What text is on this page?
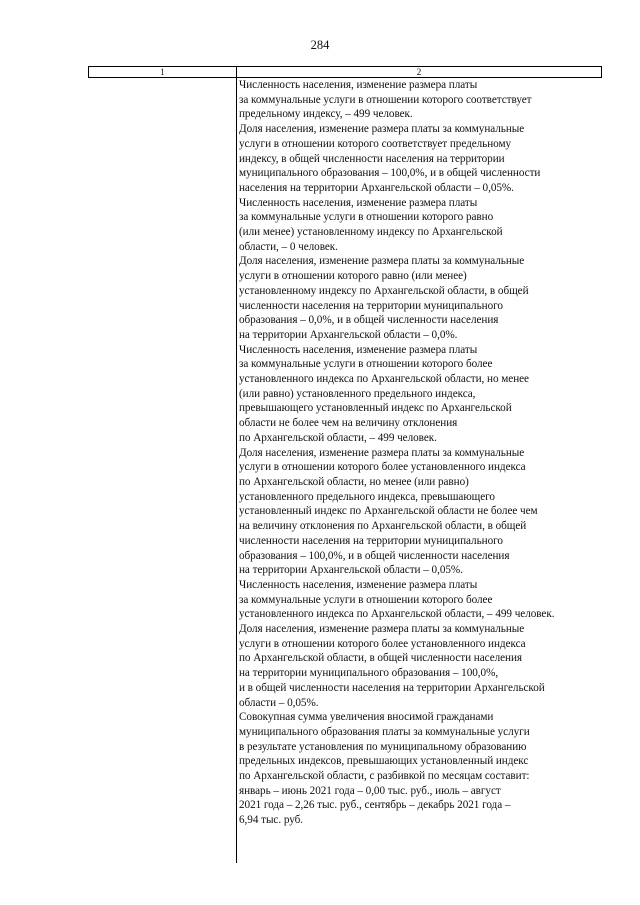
284
1	2
Численность населения, изменение размера платы
за коммунальные услуги в отношении которого соответствует
предельному индексу, – 499 человек.
Доля населения, изменение размера платы за коммунальные
услуги в отношении которого соответствует предельному
индексу, в общей численности населения на территории
муниципального образования – 100,0%, и в общей численности
населения на территории Архангельской области – 0,05%.
Численность населения, изменение размера платы
за коммунальные услуги в отношении которого равно
(или менее) установленному индексу по Архангельской
области, – 0 человек.
Доля населения, изменение размера платы за коммунальные
услуги в отношении которого равно (или менее)
установленному индексу по Архангельской области, в общей
численности населения на территории муниципального
образования – 0,0%, и в общей численности населения
на территории Архангельской области – 0,0%.
Численность населения, изменение размера платы
за коммунальные услуги в отношении которого более
установленного индекса по Архангельской области, но менее
(или равно) установленного предельного индекса,
превышающего установленный индекс по Архангельской
области не более чем на величину отклонения
по Архангельской области, – 499 человек.
Доля населения, изменение размера платы за коммунальные
услуги в отношении которого более установленного индекса
по Архангельской области, но менее (или равно)
установленного предельного индекса, превышающего
установленный индекс по Архангельской области не более чем
на величину отклонения по Архангельской области, в общей
численности населения на территории муниципального
образования – 100,0%, и в общей численности населения
на территории Архангельской области – 0,05%.
Численность населения, изменение размера платы
за коммунальные услуги в отношении которого более
установленного индекса по Архангельской области, – 499 человек.
Доля населения, изменение размера платы за коммунальные
услуги в отношении которого более установленного индекса
по Архангельской области, в общей численности населения
на территории муниципального образования – 100,0%,
и в общей численности населения на территории Архангельской
области – 0,05%.
Совокупная сумма увеличения вносимой гражданами
муниципального образования платы за коммунальные услуги
в результате установления по муниципальному образованию
предельных индексов, превышающих установленный индекс
по Архангельской области, с разбивкой по месяцам составит:
январь – июнь 2021 года – 0,00 тыс. руб., июль – август
2021 года – 2,26 тыс. руб., сентябрь – декабрь 2021 года –
6,94 тыс. руб.
